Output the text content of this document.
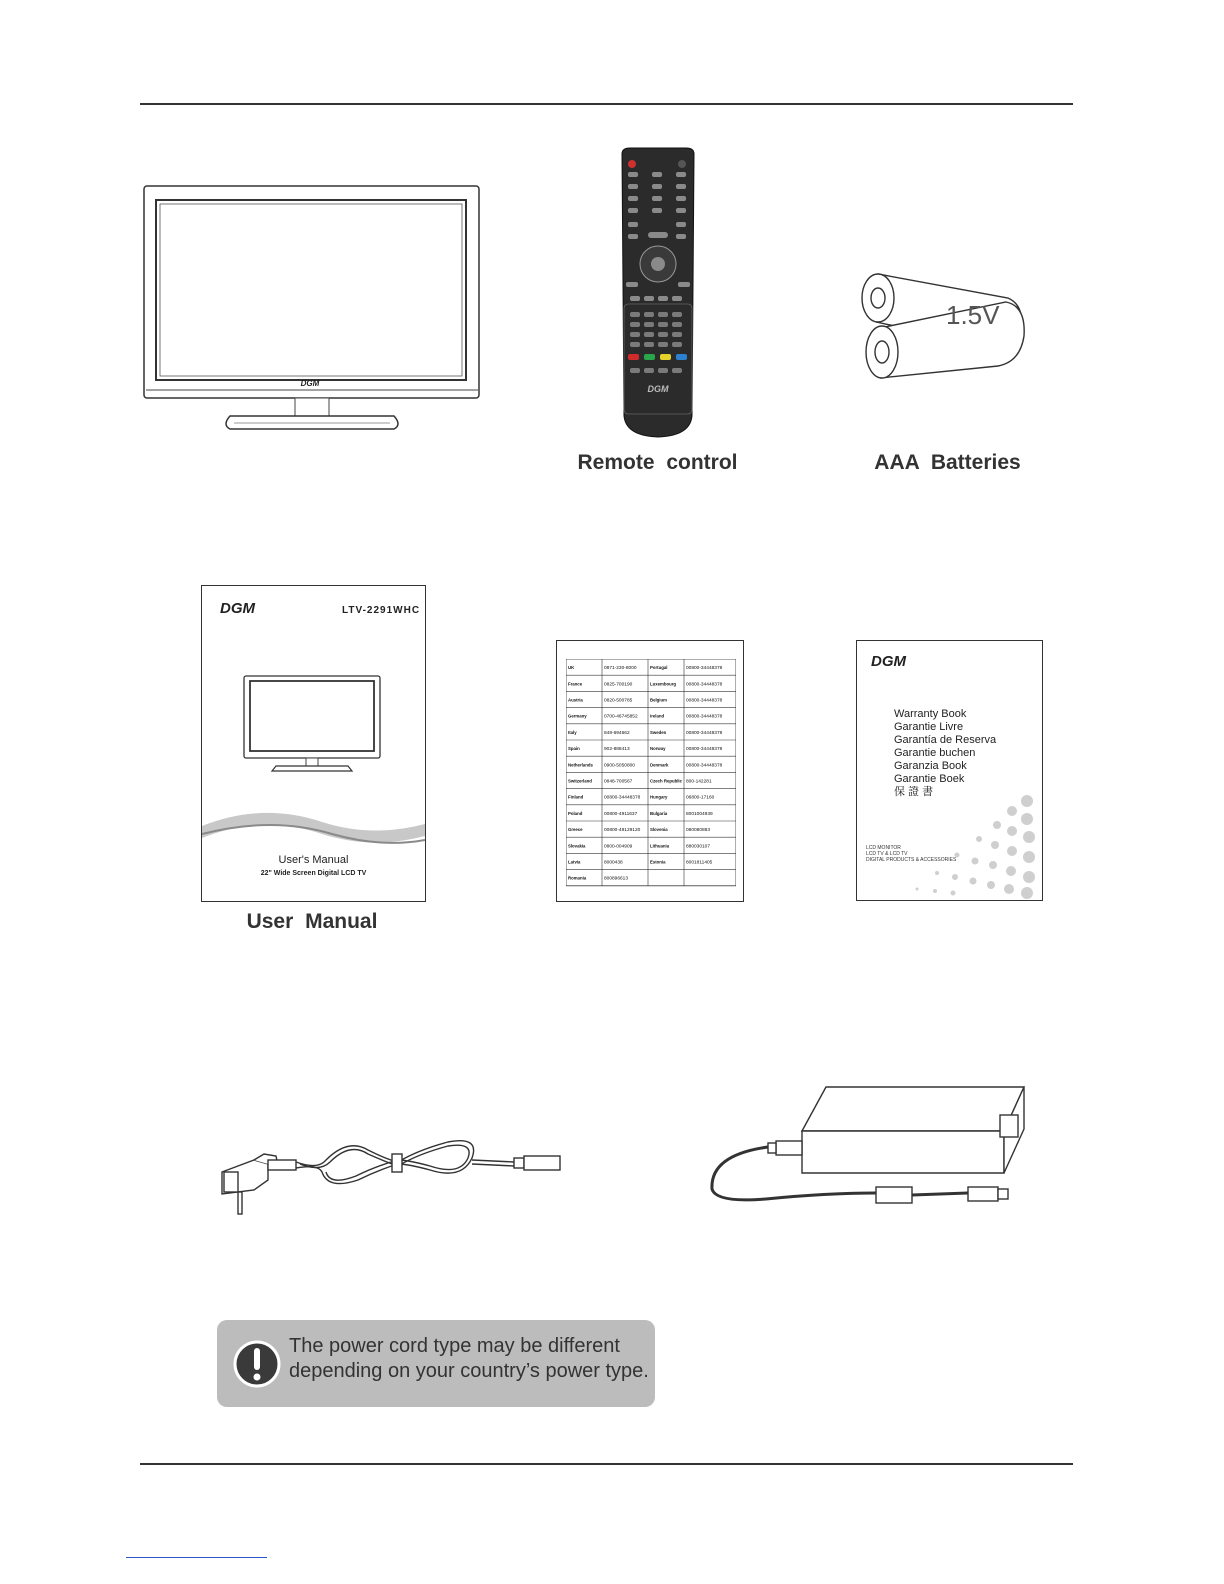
DGM
DGM
1.5V
Remote control	AAA Batteries
DGM	LTV-2291WHC
User's Manual
22" Wide Screen Digital LCD TV
User Manual
UK	0871-230-8000	Portugal	00800-34448378
France	0825-700190	Luxembourg 00800-34448378
Austria	0820-500785	Belgium	00800-34448378
Germany	0700-46745852	Ireland	00800-34448378
Italy	848-694662	Sweden	00800-34448378
Spain	902-888413	Norway	00800-34448378
Netherlands 0900-5050800	Denmark	00800-34448378
Switzerland	0848-700567	Czech Republic 800-142281
Finland	00800-34448378 Hungary	06800-17160
Poland	00800-4911637	Bulgaria	8001004939
Greece	00800-48129120 Slovenia	080080883
Slovakia	0800-004909	Lithuania	880030107
Latvia	8000438	Estonia	8001811405
Romania	800896613
DGM
Warranty Book
Garantie Livre
Garantía de Reserva
Garantie buchen
Garanzia Book
Garantie Boek
保 證 書
LCD MONITOR
LCD TV & LCD TV
DIGITAL PRODUCTS & ACCESSORIES
The power cord type may be different
depending on your country’s power type.
